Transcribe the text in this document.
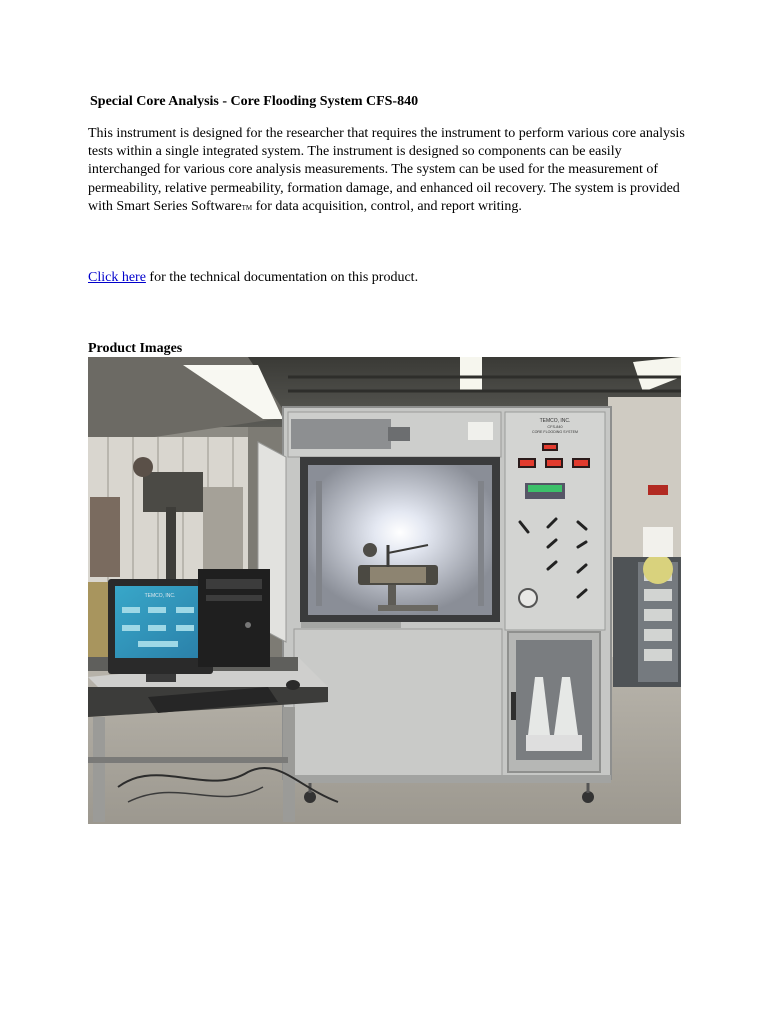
Special Core Analysis - Core Flooding System CFS-840
This instrument is designed for the researcher that requires the instrument to perform various core analysis tests within a single integrated system. The instrument is designed so components can be easily interchanged for various core analysis measurements. The system can be used for the measurement of permeability, relative permeability, formation damage, and enhanced oil recovery. The system is provided with Smart Series SoftwareTM for data acquisition, control, and report writing.
Click here for the technical documentation on this product.
Product Images
TEMCO, INC.
CFS-840
CORE FLOODING SYSTEM
TEMCO, INC.
